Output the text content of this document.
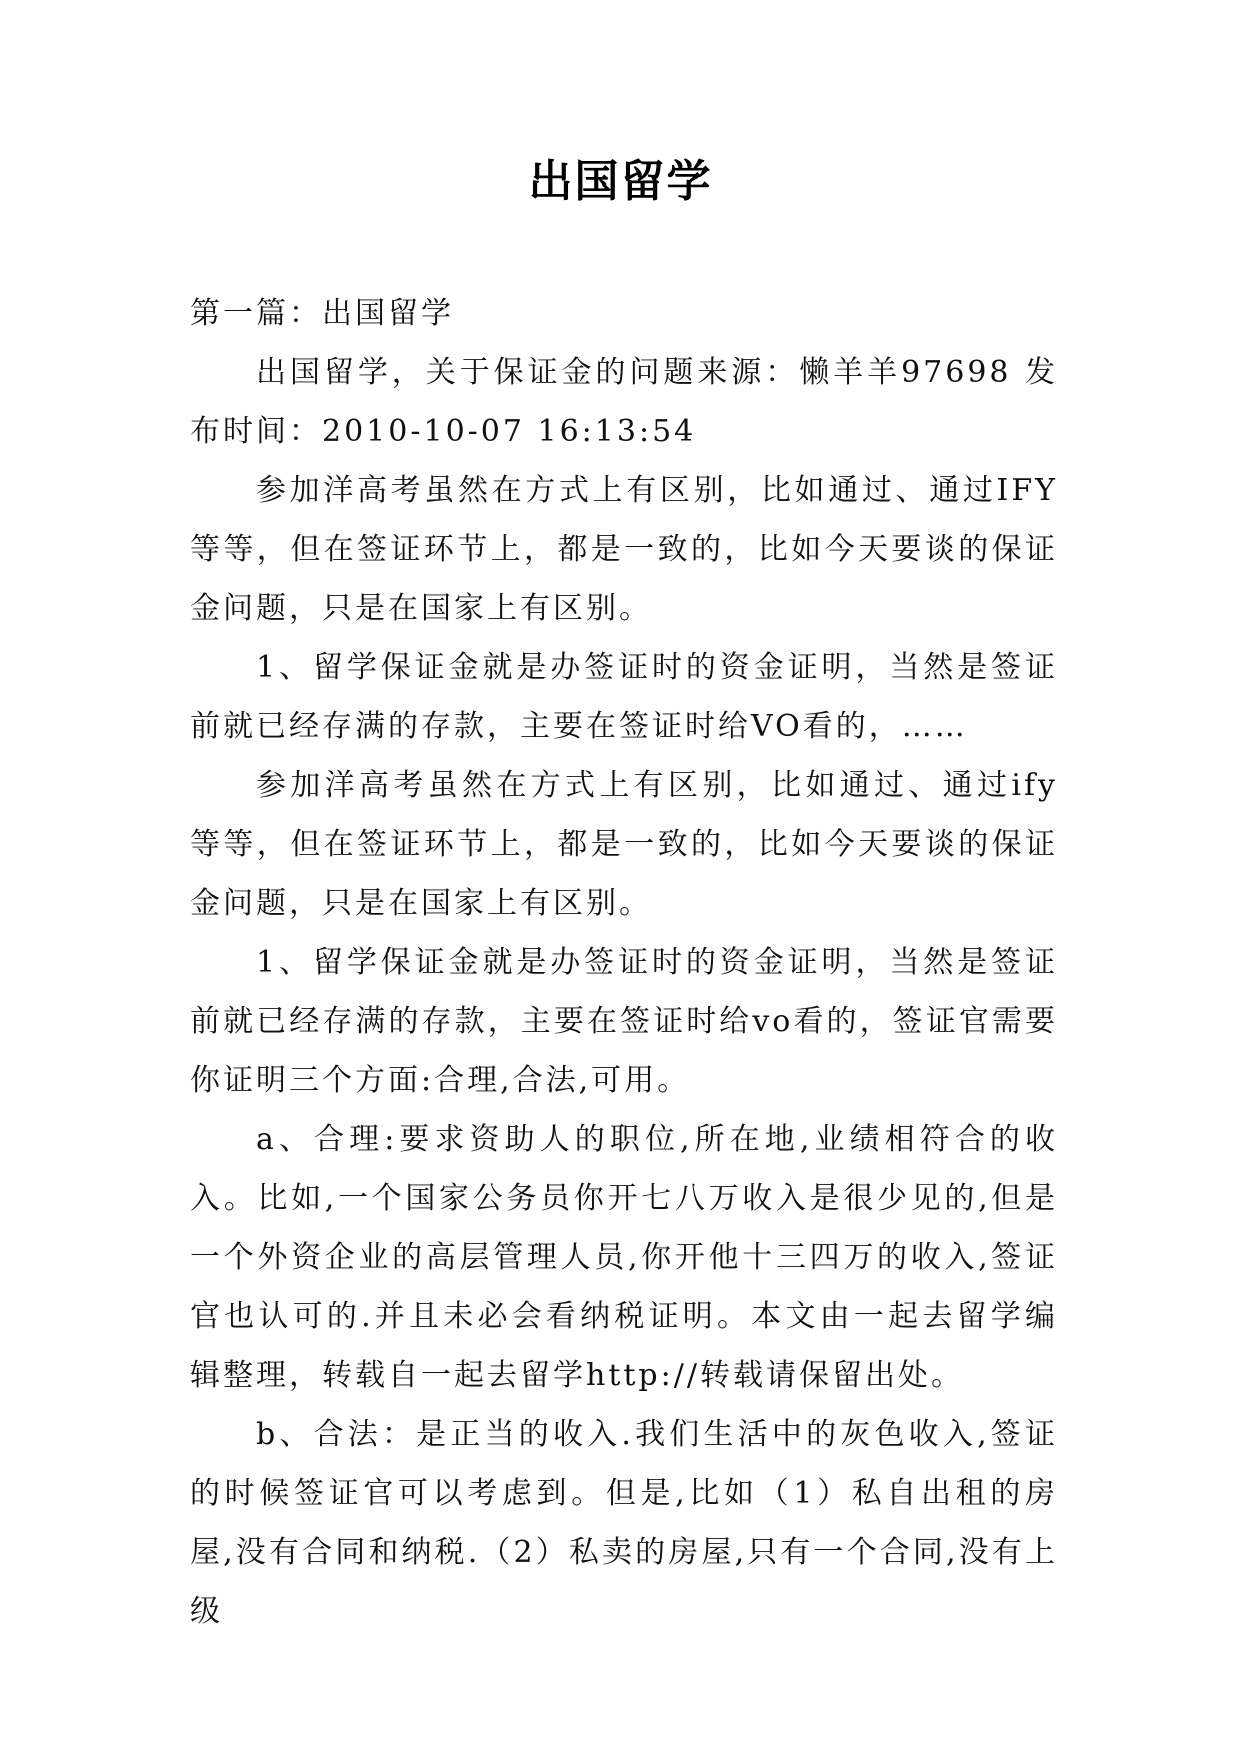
出国留学

第一篇：出国留学

出国留学，关于保证金的问题来源：懒羊羊97698 发布时间：2010-10-07 16:13:54

参加洋高考虽然在方式上有区别，比如通过、通过IFY等等，但在签证环节上，都是一致的，比如今天要谈的保证金问题，只是在国家上有区别。

1、留学保证金就是办签证时的资金证明，当然是签证前就已经存满的存款，主要在签证时给VO看的，……

参加洋高考虽然在方式上有区别，比如通过、通过ify等等，但在签证环节上，都是一致的，比如今天要谈的保证金问题，只是在国家上有区别。

1、留学保证金就是办签证时的资金证明，当然是签证前就已经存满的存款，主要在签证时给vo看的，签证官需要你证明三个方面:合理,合法,可用。

a、合理:要求资助人的职位,所在地,业绩相符合的收入。比如,一个国家公务员你开七八万收入是很少见的,但是一个外资企业的高层管理人员,你开他十三四万的收入,签证官也认可的.并且未必会看纳税证明。本文由一起去留学编辑整理，转载自一起去留学http://转载请保留出处。

b、合法：是正当的收入.我们生活中的灰色收入,签证的时候签证官可以考虑到。但是,比如（1）私自出租的房屋,没有合同和纳税.（2）私卖的房屋,只有一个合同,没有上级
